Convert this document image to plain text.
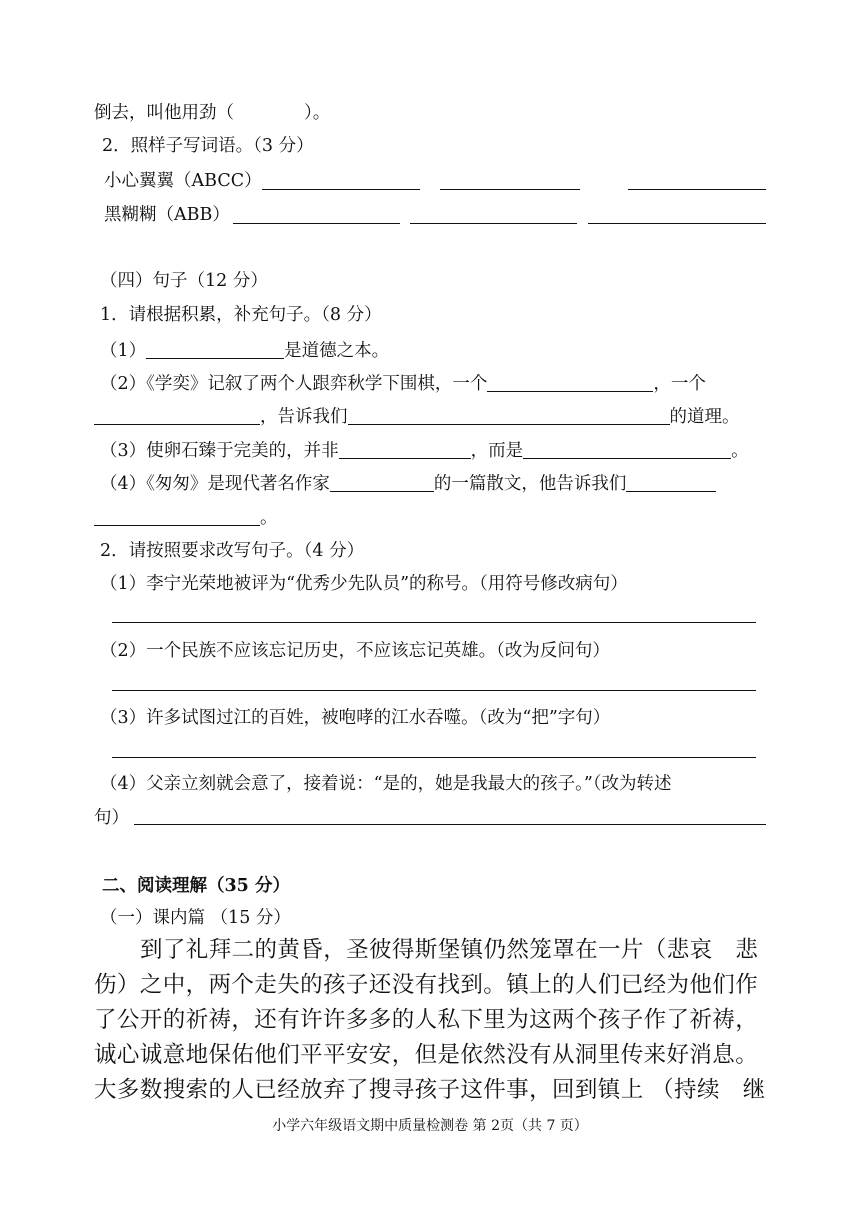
倒去，叫他用劲（	）。
2．照样子写词语。（3 分）
小心翼翼（ABCC）
黑糊糊（ABB）
（四）句子（12 分）
1．请根据积累，补充句子。（8 分）
（1）	是道德之本。
（2）《学奕》记叙了两个人跟弈秋学下围棋，一个	，一个
，告诉我们	的道理。
（3）使卵石臻于完美的，并非	，而是	。
（4）《匆匆》是现代著名作家	的一篇散文，他告诉我们
。
2．请按照要求改写句子。（4 分）
（1）李宁光荣地被评为“优秀少先队员”的称号。（用符号修改病句）
（2）一个民族不应该忘记历史，不应该忘记英雄。（改为反问句）
（3）许多试图过江的百姓，被咆哮的江水吞噬。（改为“把”字句）
（4）父亲立刻就会意了，接着说：“是的，她是我最大的孩子。”（改为转述
句）
二、阅读理解（35 分）
（一）课内篇 （15 分）
到了礼拜二的黄昏，圣彼得斯堡镇仍然笼罩在一片（悲哀　悲
伤）之中，两个走失的孩子还没有找到。镇上的人们已经为他们作
了公开的祈祷，还有许许多多的人私下里为这两个孩子作了祈祷，
诚心诚意地保佑他们平平安安，但是依然没有从洞里传来好消息。
大多数搜索的人已经放弃了搜寻孩子这件事，回到镇上 （持续　继
小学六年级语文期中质量检测卷 第 2页（共 7 页）
